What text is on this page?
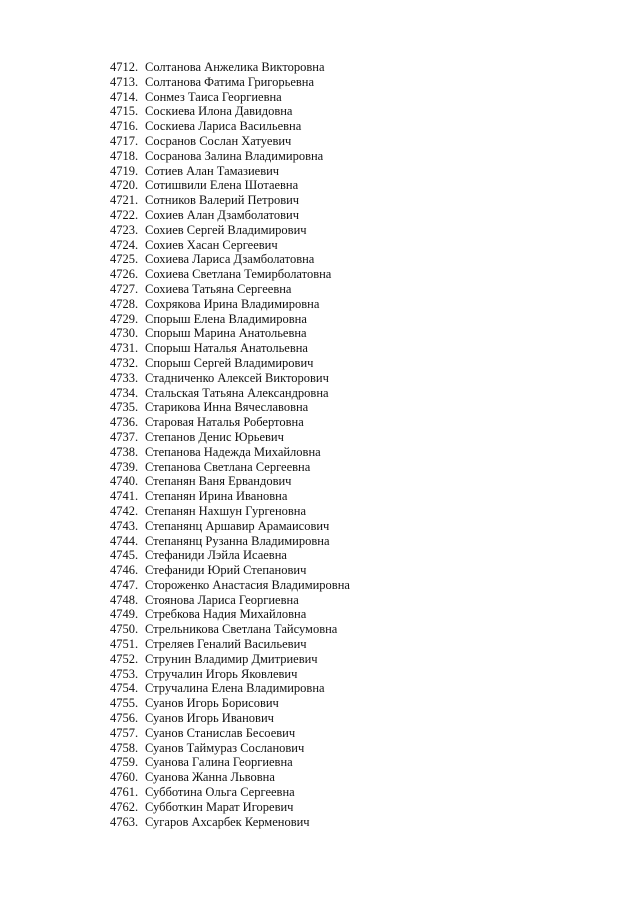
4712. Солтанова Анжелика Викторовна
4713. Солтанова Фатима Григорьевна
4714. Сонмез Таиса Георгиевна
4715. Соскиева Илона Давидовна
4716. Соскиева Лариса Васильевна
4717. Сосранов Сослан Хатуевич
4718. Сосранова Залина Владимировна
4719. Сотиев Алан Тамазиевич
4720. Сотишвили Елена Шотаевна
4721. Сотников Валерий Петрович
4722. Сохиев Алан Дзамболатович
4723. Сохиев Сергей Владимирович
4724. Сохиев Хасан Сергеевич
4725. Сохиева Лариса Дзамболатовна
4726. Сохиева Светлана Темирболатовна
4727. Сохиева Татьяна Сергеевна
4728. Сохрякова Ирина Владимировна
4729. Спорыш Елена Владимировна
4730. Спорыш Марина Анатольевна
4731. Спорыш Наталья Анатольевна
4732. Спорыш Сергей Владимирович
4733. Стадниченко Алексей Викторович
4734. Стальская Татьяна Александровна
4735. Старикова Инна Вячеславовна
4736. Старовая Наталья Робертовна
4737. Степанов Денис Юрьевич
4738. Степанова Надежда Михайловна
4739. Степанова Светлана Сергеевна
4740. Степанян Ваня Ервандович
4741. Степанян Ирина Ивановна
4742. Степанян Нахшун Гургеновна
4743. Степанянц Аршавир Арамаисович
4744. Степанянц Рузанна Владимировна
4745. Стефаниди Лэйла Исаевна
4746. Стефаниди Юрий Степанович
4747. Стороженко Анастасия Владимировна
4748. Стоянова Лариса Георгиевна
4749. Стребкова Надия Михайловна
4750. Стрельникова Светлана Тайсумовна
4751. Стреляев Геналий Васильевич
4752. Струнин Владимир Дмитриевич
4753. Стручалин Игорь Яковлевич
4754. Стручалина Елена Владимировна
4755. Суанов Игорь Борисович
4756. Суанов Игорь Иванович
4757. Суанов Станислав Бесоевич
4758. Суанов Таймураз Сосланович
4759. Суанова Галина Георгиевна
4760. Суанова Жанна Львовна
4761. Субботина Ольга Сергеевна
4762. Субботкин Марат Игоревич
4763. Сугаров Ахсарбек Керменович
